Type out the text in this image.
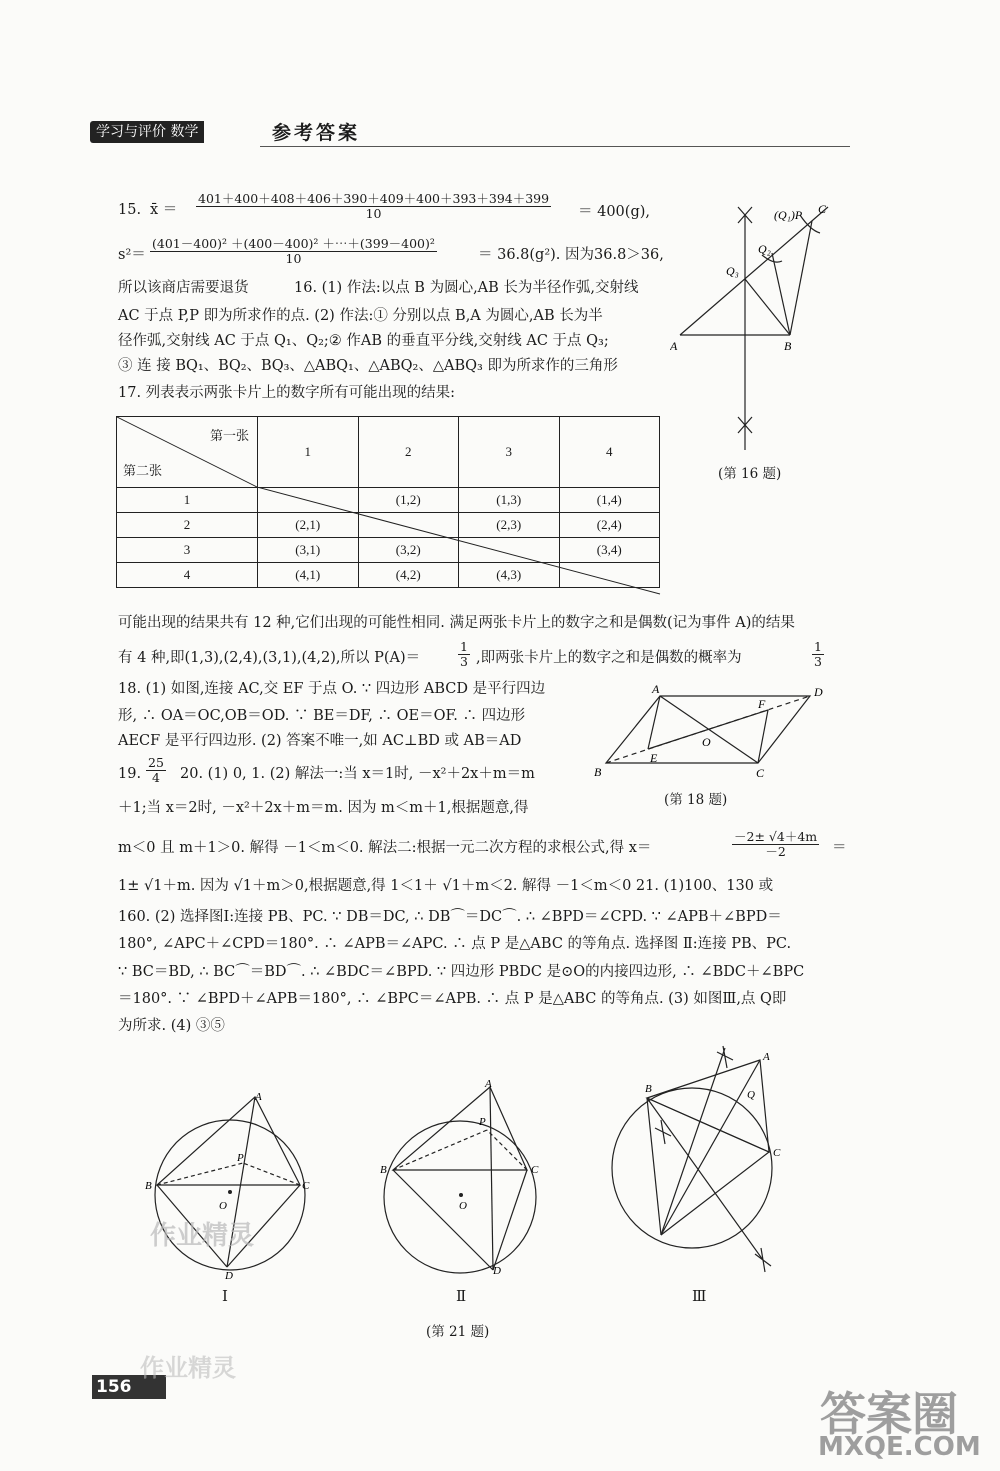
学习与评价 数学	参考答案
15. x̄ ＝ $\frac{401+400+408+406+390+409+400+393+394+399}{10} = 400(g)$,
$s^2= \frac{\text{(401－400)² ＋(400－400)² ＋⋯＋(399－400)²}}{10}$	＝ 36.8(g²). 因为36.8＞36,
所以该商店需要退货	16. (1) 作法:以点 B 为圆心,AB 长为半径作弧,交射线
AC 于点 P,P 即为所求作的点. (2) 作法:① 分别以点 B,A 为圆心,AB 长为半
径作弧,交射线 AC 于点 Q₁、Q₂;② 作AB 的垂直平分线,交射线 AC 于点 Q₃;
③ 连 接 BQ₁、BQ₂、BQ₃、△ABQ₁、△ABQ₂、△ABQ₃ 即为所求作的三角形
A	B
C
(Q₁)P
Q₂
Q₃
(第 16 题)
17. 列表表示两张卡片上的数字所有可能出现的结果:
第一张
第二张	1	2	3	4
1		(1,2)	(1,3)	(1,4)
2	(2,1)		(2,3)	(2,4)
3	(3,1)	(3,2)		(3,4)
4	(4,1)	(4,2)	(4,3)	
可能出现的结果共有 12 种,它们出现的可能性相同. 满足两张卡片上的数字之和是偶数(记为事件 A)的结果
有 4 种,即(1,3),(2,4),(3,1),(4,2),所以 P(A)＝	$\frac{1}{3}$ ,即两张卡片上的数字之和是偶数的概率为	$\frac{1}{3}$
18. (1) 如图,连接 AC,交 EF 于点 O. ∵ 四边形 ABCD 是平行四边
形, ∴ OA＝OC,OB＝OD. ∵ BE＝DF, ∴ OE＝OF. ∴ 四边形
AECF 是平行四边形. (2) 答案不唯一,如 AC⊥BD 或 AB＝AD
A	D
B	C
E
F
O
(第 18 题)
19. $\frac{25}{4} 20$. (1) 0, 1. (2) 解法一:当 x＝1时, －x²＋2x＋m＝m
＋1;当 x＝2时, －x²＋2x＋m＝m. 因为 m＜m＋1,根据题意,得
m＜0 且 m＋1＞0. 解得 －1＜m＜0. 解法二:根据一元二次方程的求根公式,得 x＝	$\frac{-2\pm √4+4m}{-2}$ ＝
1± √1＋m. 因为 √1＋m＞0,根据题意,得 1＜1＋ √1＋m＜2. 解得 －1＜m＜0 21. (1)100、130 或
160. (2) 选择图Ⅰ:连接 PB、PC. ∵ DB＝DC, ∴ DB⌒＝DC⌒. ∴ ∠BPD＝∠CPD. ∵ ∠APB＋∠BPD＝
180°, ∠APC＋∠CPD＝180°. ∴ ∠APB＝∠APC. ∴ 点 P 是△ABC 的等角点. 选择图 Ⅱ:连接 PB、PC.
∵ BC＝BD, ∴ BC⌒＝BD⌒. ∴ ∠BDC＝∠BPD. ∵ 四边形 PBDC 是⊙O的内接四边形, ∴ ∠BDC＋∠BPC
＝180°. ∵ ∠BPD＋∠APB＝180°, ∴ ∠BPC＝∠APB. ∴ 点 P 是△ABC 的等角点. (3) 如图Ⅲ,点 Q即
为所求. (4) ③⑤
A
B	C
D
P
O
A
B	C
D
P
O
A
B
C
Q
Ⅰ	Ⅱ	Ⅲ
(第 21 题)
156
作业精灵
作业精灵
答案圈
MXQE.COM
